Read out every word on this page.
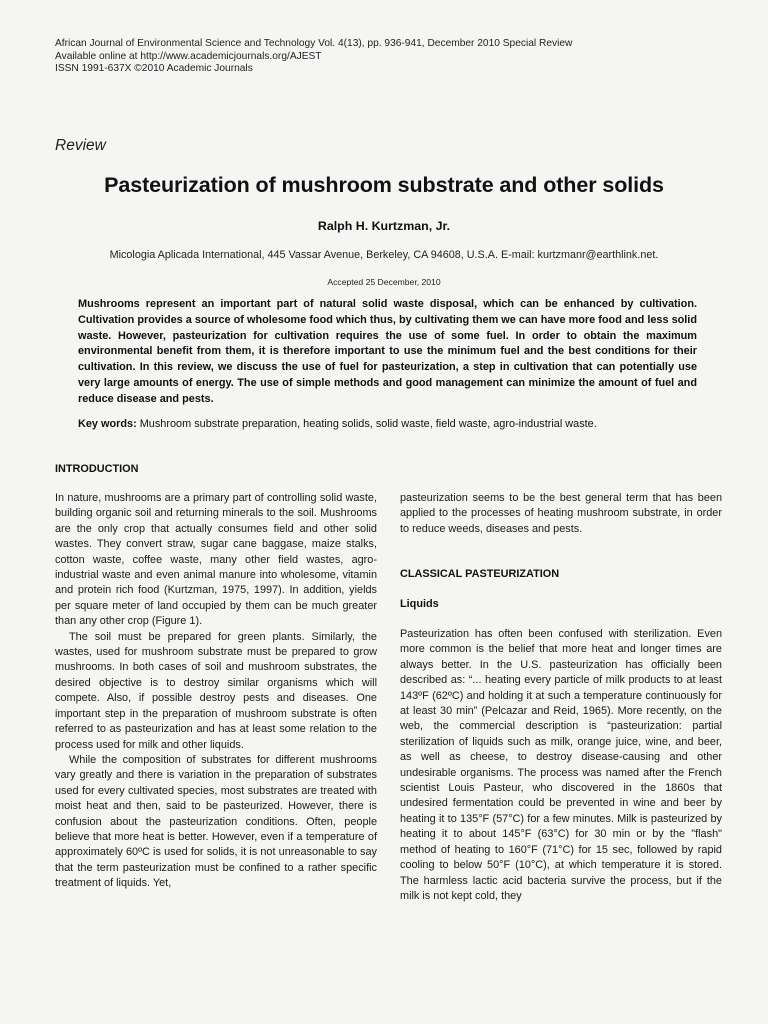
African Journal of Environmental Science and Technology Vol. 4(13), pp. 936-941, December 2010 Special Review
Available online at http://www.academicjournals.org/AJEST
ISSN 1991-637X ©2010 Academic Journals
Review
Pasteurization of mushroom substrate and other solids
Ralph H. Kurtzman, Jr.
Micologia Aplicada International, 445 Vassar Avenue, Berkeley, CA 94608, U.S.A. E-mail: kurtzmanr@earthlink.net.
Accepted 25 December, 2010
Mushrooms represent an important part of natural solid waste disposal, which can be enhanced by cultivation. Cultivation provides a source of wholesome food which thus, by cultivating them we can have more food and less solid waste. However, pasteurization for cultivation requires the use of some fuel. In order to obtain the maximum environmental benefit from them, it is therefore important to use the minimum fuel and the best conditions for their cultivation. In this review, we discuss the use of fuel for pasteurization, a step in cultivation that can potentially use very large amounts of energy. The use of simple methods and good management can minimize the amount of fuel and reduce disease and pests.
Key words: Mushroom substrate preparation, heating solids, solid waste, field waste, agro-industrial waste.
INTRODUCTION

In nature, mushrooms are a primary part of controlling solid waste, building organic soil and returning minerals to the soil. Mushrooms are the only crop that actually consumes field and other solid wastes. They convert straw, sugar cane baggase, maize stalks, cotton waste, coffee waste, many other field wastes, agro-industrial waste and even animal manure into wholesome, vitamin and protein rich food (Kurtzman, 1975, 1997). In addition, yields per square meter of land occupied by them can be much greater than any other crop (Figure 1).

The soil must be prepared for green plants. Similarly, the wastes, used for mushroom substrate must be prepared to grow mushrooms. In both cases of soil and mushroom substrates, the desired objective is to destroy similar organisms which will compete. Also, if possible destroy pests and diseases. One important step in the preparation of mushroom substrate is often referred to as pasteurization and has at least some relation to the process used for milk and other liquids.

While the composition of substrates for different mushrooms vary greatly and there is variation in the preparation of substrates used for every cultivated species, most substrates are treated with moist heat and then, said to be pasteurized. However, there is confusion about the pasteurization conditions. Often, people believe that more heat is better. However, even if a temperature of approximately 60ºC is used for solids, it is not unreasonable to say that the term pasteurization must be confined to a rather specific treatment of liquids. Yet,

pasteurization seems to be the best general term that has been applied to the processes of heating mushroom substrate, in order to reduce weeds, diseases and pests.

CLASSICAL PASTEURIZATION
Liquids

Pasteurization has often been confused with sterilization. Even more common is the belief that more heat and longer times are always better. In the U.S. pasteurization has officially been described as: “... heating every particle of milk products to at least 143ºF (62ºC) and holding it at such a temperature continuously for at least 30 min” (Pelcazar and Reid, 1965). More recently, on the web, the commercial description is “pasteurization: partial sterilization of liquids such as milk, orange juice, wine, and beer, as well as cheese, to destroy disease-causing and other undesirable organisms. The process was named after the French scientist Louis Pasteur, who discovered in the 1860s that undesired fermentation could be prevented in wine and beer by heating it to 135°F (57°C) for a few minutes. Milk is pasteurized by heating it to about 145°F (63°C) for 30 min or by the "flash" method of heating to 160°F (71°C) for 15 sec, followed by rapid cooling to below 50°F (10°C), at which temperature it is stored. The harmless lactic acid bacteria survive the process, but if the milk is not kept cold, they
